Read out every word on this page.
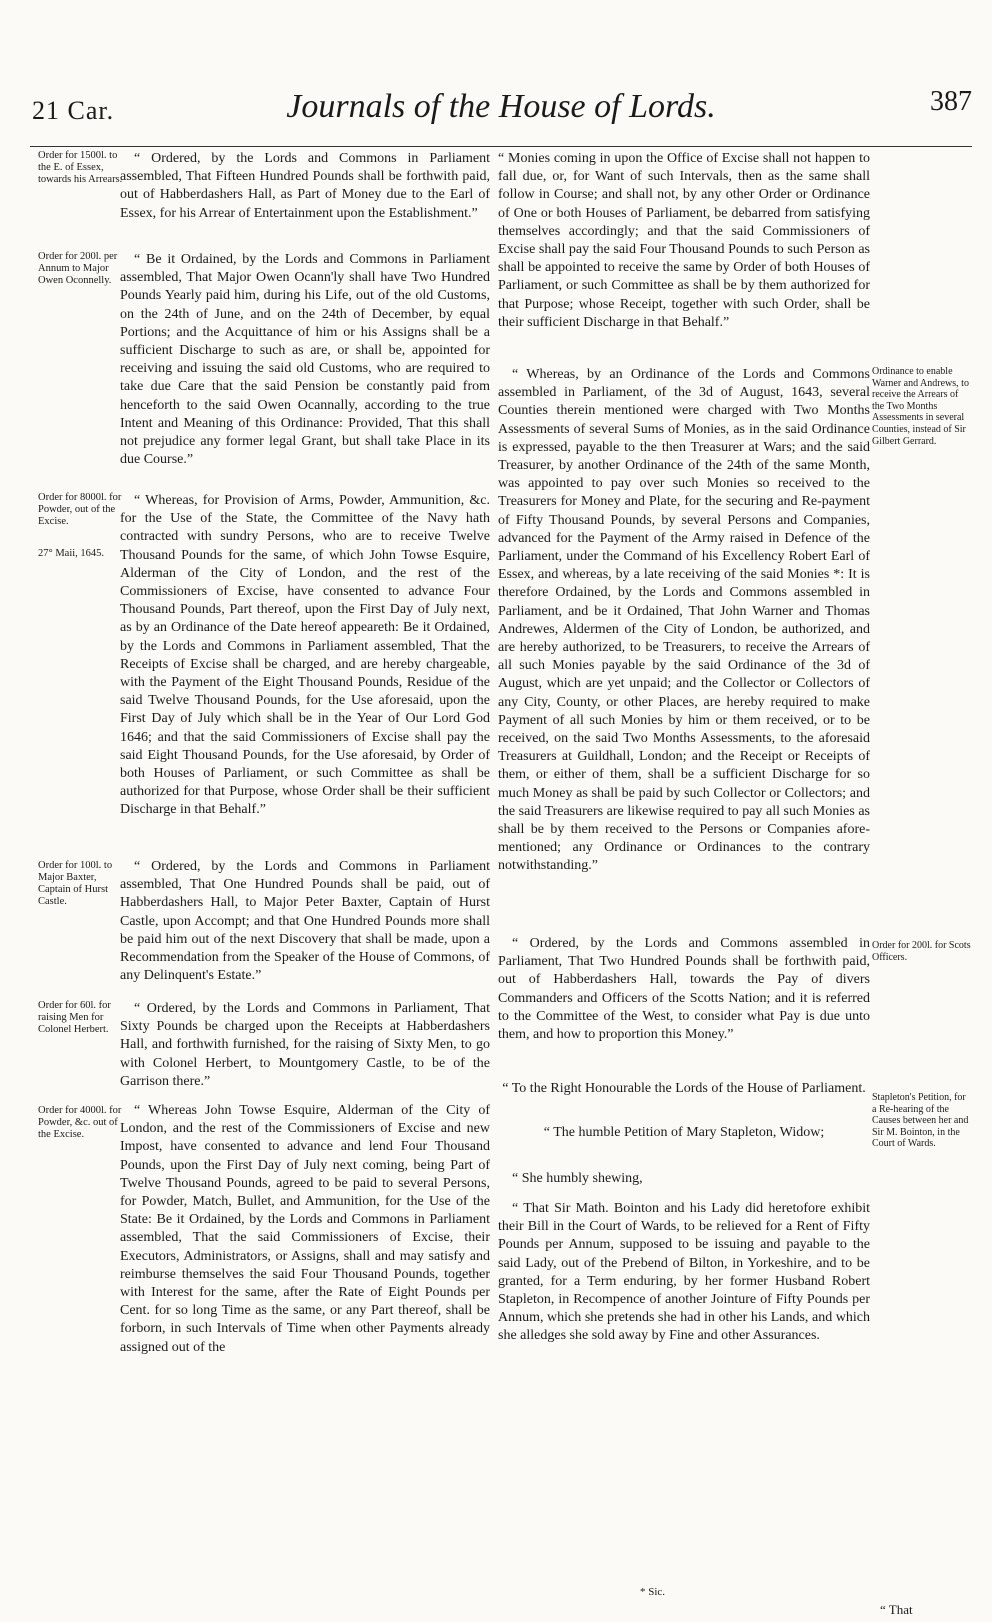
21 Car.	Journals of the House of Lords.	387
Order for 1500l. to the E. of Essex, towards his Arrears.
Order for 200l. per Annum to Major Owen Oconnelly.
Order for 8000l. for Powder, out of the Excise.
27° Maii, 1645.
Order for 100l. to Major Baxter, Captain of Hurst Castle.
Order for 60l. for raising Men for Colonel Herbert.
Order for 4000l. for Powder, &c. out of the Excise.
Ordinance to enable Warner and Andrews, to receive the Arrears of the Two Months Assessments in several Counties, instead of Sir Gilbert Gerrard.
Order for 200l. for Scots Officers.
Stapleton's Petition, for a Re-hearing of the Causes between her and Sir M. Bointon, in the Court of Wards.

“ Ordered, by the Lords and Commons in Parliament assembled, That Fifteen Hundred Pounds shall be forthwith paid, out of Habberdashers Hall, as Part of Money due to the Earl of Essex, for his Arrear of Entertainment upon the Establishment.”

“ Be it Ordained, by the Lords and Commons in Parliament assembled, That Major Owen Ocann'ly shall have Two Hundred Pounds Yearly paid him, during his Life, out of the old Customs, on the 24th of June, and on the 24th of December, by equal Portions; and the Acquittance of him or his Assigns shall be a sufficient Discharge to such as are, or shall be, appointed for receiving and issuing the said old Customs, who are required to take due Care that the said Pension be constantly paid from henceforth to the said Owen Ocannally, according to the true Intent and Meaning of this Ordinance: Provided, That this shall not prejudice any former legal Grant, but shall take Place in its due Course.”

“ Whereas, for Provision of Arms, Powder, Ammunition, &c. for the Use of the State, the Committee of the Navy hath contracted with sundry Persons, who are to receive Twelve Thousand Pounds for the same, of which John Towse Esquire, Alderman of the City of London, and the rest of the Commissioners of Excise, have consented to advance Four Thousand Pounds, Part thereof, upon the First Day of July next, as by an Ordinance of the Date hereof appeareth: Be it Ordained, by the Lords and Commons in Parliament assembled, That the Receipts of Excise shall be charged, and are hereby chargeable, with the Payment of the Eight Thousand Pounds, Residue of the said Twelve Thousand Pounds, for the Use aforesaid, upon the First Day of July which shall be in the Year of Our Lord God 1646; and that the said Commissioners of Excise shall pay the said Eight Thousand Pounds, for the Use aforesaid, by Order of both Houses of Parliament, or such Committee as shall be authorized for that Purpose, whose Order shall be their sufficient Discharge in that Behalf.”

“ Ordered, by the Lords and Commons in Parliament assembled, That One Hundred Pounds shall be paid, out of Habberdashers Hall, to Major Peter Baxter, Captain of Hurst Castle, upon Accompt; and that One Hundred Pounds more shall be paid him out of the next Discovery that shall be made, upon a Recommendation from the Speaker of the House of Commons, of any Delinquent's Estate.”

“ Ordered, by the Lords and Commons in Parliament, That Sixty Pounds be charged upon the Receipts at Habberdashers Hall, and forthwith furnished, for the raising of Sixty Men, to go with Colonel Herbert, to Mountgomery Castle, to be of the Garrison there.”

“ Whereas John Towse Esquire, Alderman of the City of London, and the rest of the Commissioners of Excise and new Impost, have consented to advance and lend Four Thousand Pounds, upon the First Day of July next coming, being Part of Twelve Thousand Pounds, agreed to be paid to several Persons, for Powder, Match, Bullet, and Ammunition, for the Use of the State: Be it Ordained, by the Lords and Commons in Parliament assembled, That the said Commissioners of Excise, their Executors, Administrators, or Assigns, shall and may satisfy and reimburse themselves the said Four Thousand Pounds, together with Interest for the same, after the Rate of Eight Pounds per Cent. for so long Time as the same, or any Part thereof, shall be forborn, in such Intervals of Time when other Payments already assigned out of the

“ Monies coming in upon the Office of Excise shall not happen to fall due, or, for Want of such Intervals, then as the same shall follow in Course; and shall not, by any other Order or Ordinance of One or both Houses of Parliament, be debarred from satisfying themselves accordingly; and that the said Commissioners of Excise shall pay the said Four Thousand Pounds to such Person as shall be appointed to receive the same by Order of both Houses of Parliament, or such Committee as shall be by them authorized for that Purpose; whose Receipt, together with such Order, shall be their sufficient Discharge in that Behalf.”

“ Whereas, by an Ordinance of the Lords and Commons assembled in Parliament, of the 3d of August, 1643, several Counties therein mentioned were charged with Two Months Assessments of several Sums of Monies, as in the said Ordinance is expressed, payable to the then Treasurer at Wars; and the said Treasurer, by another Ordinance of the 24th of the same Month, was appointed to pay over such Monies so received to the Treasurers for Money and Plate, for the securing and Re-payment of Fifty Thousand Pounds, by several Persons and Companies, advanced for the Payment of the Army raised in Defence of the Parliament, under the Command of his Excellency Robert Earl of Essex, and whereas, by a late receiving of the said Monies *: It is therefore Ordained, by the Lords and Commons assembled in Parliament, and be it Ordained, That John Warner and Thomas Andrewes, Aldermen of the City of London, be authorized, and are hereby authorized, to be Treasurers, to receive the Arrears of all such Monies payable by the said Ordinance of the 3d of August, which are yet unpaid; and the Collector or Collectors of any City, County, or other Places, are hereby required to make Payment of all such Monies by him or them received, or to be received, on the said Two Months Assessments, to the aforesaid Treasurers at Guildhall, London; and the Receipt or Receipts of them, or either of them, shall be a sufficient Discharge for so much Money as shall be paid by such Collector or Collectors; and the said Treasurers are likewise required to pay all such Monies as shall be by them received to the Persons or Companies afore-mentioned; any Ordinance or Ordinances to the contrary notwithstanding.”

“ Ordered, by the Lords and Commons assembled in Parliament, That Two Hundred Pounds shall be forthwith paid, out of Habberdashers Hall, towards the Pay of divers Commanders and Officers of the Scotts Nation; and it is referred to the Committee of the West, to consider what Pay is due unto them, and how to proportion this Money.”

“ To the Right Honourable the Lords of the House of Parliament.

“ The humble Petition of Mary Stapleton, Widow;

“ She humbly shewing,

“ That Sir Math. Bointon and his Lady did heretofore exhibit their Bill in the Court of Wards, to be relieved for a Rent of Fifty Pounds per Annum, supposed to be issuing and payable to the said Lady, out of the Prebend of Bilton, in Yorkeshire, and to be granted, for a Term enduring, by her former Husband Robert Stapleton, in Recompence of another Jointure of Fifty Pounds per Annum, which she pretends she had in other his Lands, and which she alledges she sold away by Fine and other Assurances.

* Sic.
“ That
